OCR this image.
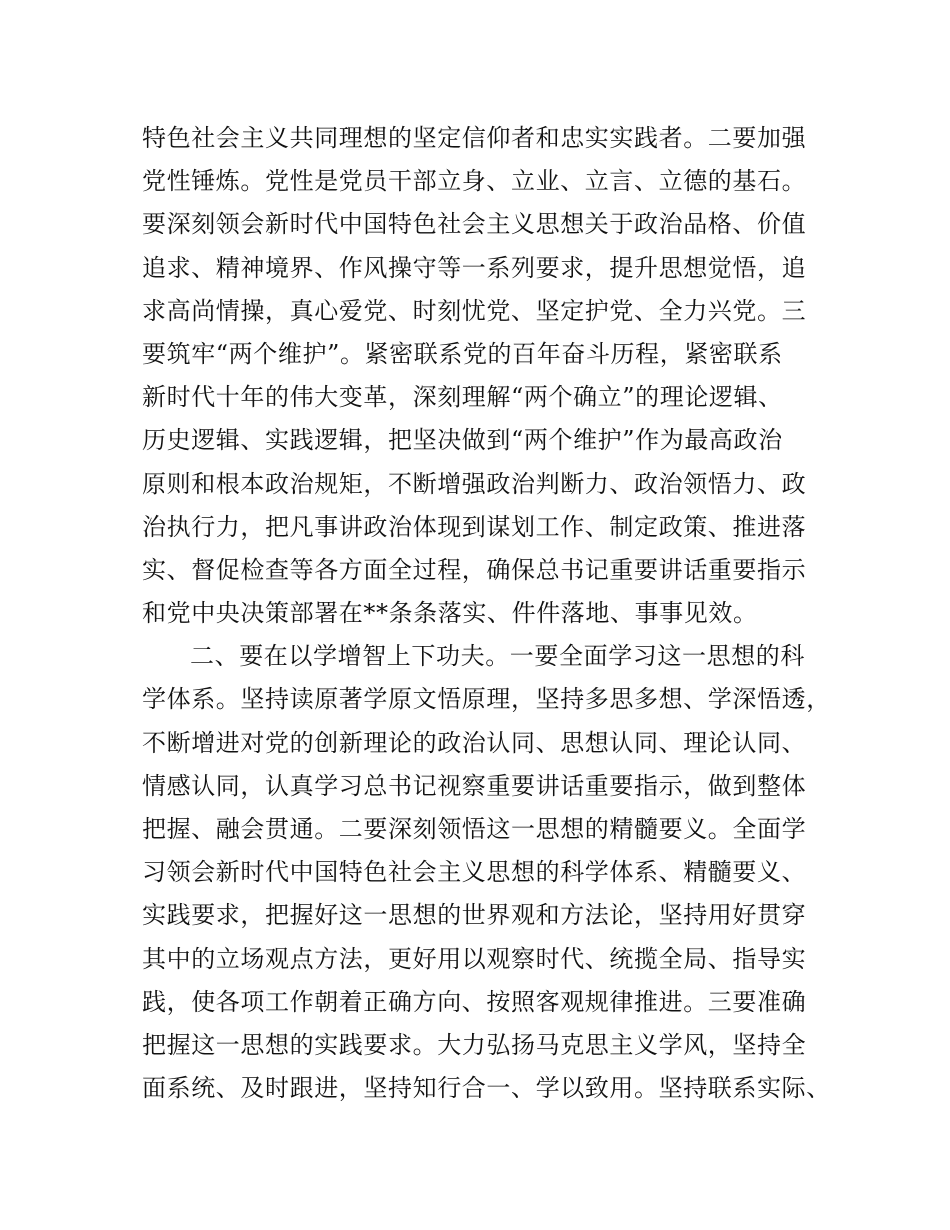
特色社会主义共同理想的坚定信仰者和忠实实践者。二要加强
党性锤炼。党性是党员干部立身、立业、立言、立德的基石。
要深刻领会新时代中国特色社会主义思想关于政治品格、价值
追求、精神境界、作风操守等一系列要求，提升思想觉悟，追
求高尚情操，真心爱党、时刻忧党、坚定护党、全力兴党。三
要筑牢“两个维护”。紧密联系党的百年奋斗历程，紧密联系
新时代十年的伟大变革，深刻理解“两个确立”的理论逻辑、
历史逻辑、实践逻辑，把坚决做到“两个维护”作为最高政治
原则和根本政治规矩，不断增强政治判断力、政治领悟力、政
治执行力，把凡事讲政治体现到谋划工作、制定政策、推进落
实、督促检查等各方面全过程，确保总书记重要讲话重要指示
和党中央决策部署在**条条落实、件件落地、事事见效。
二、要在以学增智上下功夫。一要全面学习这一思想的科
学体系。坚持读原著学原文悟原理，坚持多思多想、学深悟透，
不断增进对党的创新理论的政治认同、思想认同、理论认同、
情感认同，认真学习总书记视察重要讲话重要指示，做到整体
把握、融会贯通。二要深刻领悟这一思想的精髓要义。全面学
习领会新时代中国特色社会主义思想的科学体系、精髓要义、
实践要求，把握好这一思想的世界观和方法论，坚持用好贯穿
其中的立场观点方法，更好用以观察时代、统揽全局、指导实
践，使各项工作朝着正确方向、按照客观规律推进。三要准确
把握这一思想的实践要求。大力弘扬马克思主义学风，坚持全
面系统、及时跟进，坚持知行合一、学以致用。坚持联系实际、
